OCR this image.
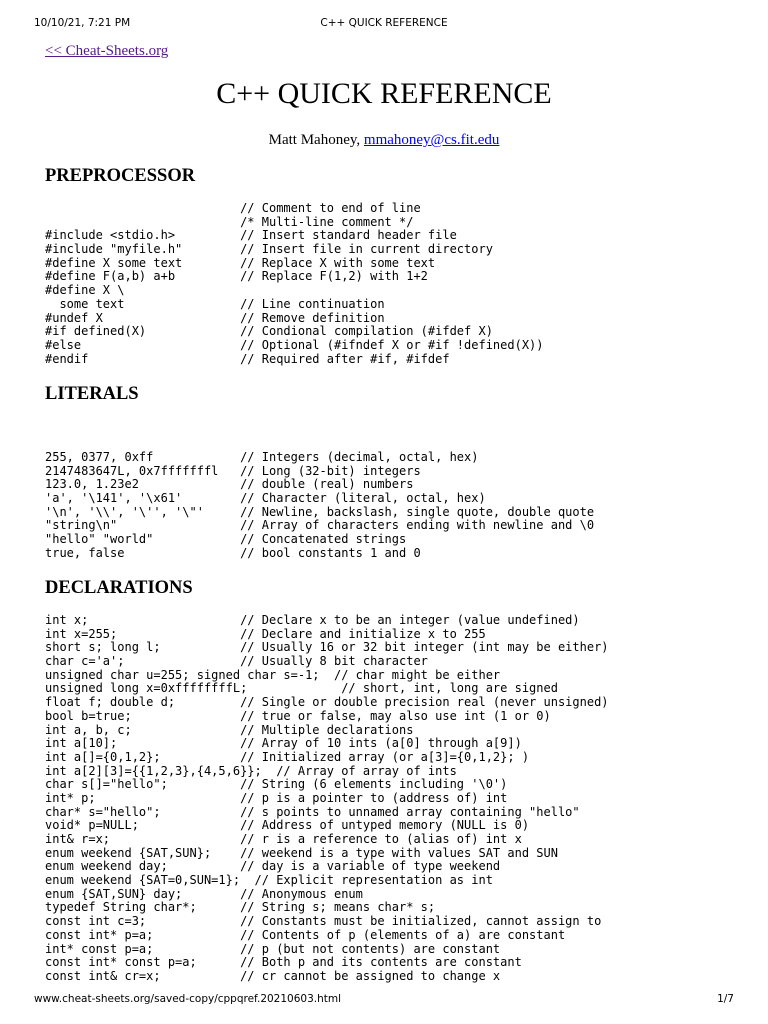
10/10/21, 7:21 PM	C++ QUICK REFERENCE
<< Cheat-Sheets.org
C++ QUICK REFERENCE
Matt Mahoney, mmahoney@cs.fit.edu
PREPROCESSOR
// Comment to end of line
/* Multi-line comment */
#include <stdio.h>         // Insert standard header file
#include "myfile.h"        // Insert file in current directory
#define X some text        // Replace X with some text
#define F(a,b) a+b         // Replace F(1,2) with 1+2
#define X \
some text                // Line continuation
#undef X                   // Remove definition
#if defined(X)             // Condional compilation (#ifdef X)
#else                      // Optional (#ifndef X or #if !defined(X))
#endif                     // Required after #if, #ifdef
LITERALS
255, 0377, 0xff            // Integers (decimal, octal, hex)
2147483647L, 0x7fffffffl   // Long (32-bit) integers
123.0, 1.23e2              // double (real) numbers
'a', '\141', '\x61'        // Character (literal, octal, hex)
'\n', '\\', '\'', '\"'     // Newline, backslash, single quote, double quote
"string\n"                 // Array of characters ending with newline and \0
"hello" "world"            // Concatenated strings
true, false                // bool constants 1 and 0
DECLARATIONS
int x;                     // Declare x to be an integer (value undefined)
int x=255;                 // Declare and initialize x to 255
short s; long l;           // Usually 16 or 32 bit integer (int may be either)
char c='a';                // Usually 8 bit character
unsigned char u=255; signed char s=-1;  // char might be either
unsigned long x=0xffffffffL;             // short, int, long are signed
float f; double d;         // Single or double precision real (never unsigned)
bool b=true;               // true or false, may also use int (1 or 0)
int a, b, c;               // Multiple declarations
int a[10];                 // Array of 10 ints (a[0] through a[9])
int a[]={0,1,2};           // Initialized array (or a[3]={0,1,2}; )
int a[2][3]={{1,2,3},{4,5,6}};  // Array of array of ints
char s[]="hello";          // String (6 elements including '\0')
int* p;                    // p is a pointer to (address of) int
char* s="hello";           // s points to unnamed array containing "hello"
void* p=NULL;              // Address of untyped memory (NULL is 0)
int& r=x;                  // r is a reference to (alias of) int x
enum weekend {SAT,SUN};    // weekend is a type with values SAT and SUN
enum weekend day;          // day is a variable of type weekend
enum weekend {SAT=0,SUN=1};  // Explicit representation as int
enum {SAT,SUN} day;        // Anonymous enum
typedef String char*;      // String s; means char* s;
const int c=3;             // Constants must be initialized, cannot assign to
const int* p=a;            // Contents of p (elements of a) are constant
int* const p=a;            // p (but not contents) are constant
const int* const p=a;      // Both p and its contents are constant
const int& cr=x;           // cr cannot be assigned to change x
www.cheat-sheets.org/saved-copy/cppqref.20210603.html	1/7
